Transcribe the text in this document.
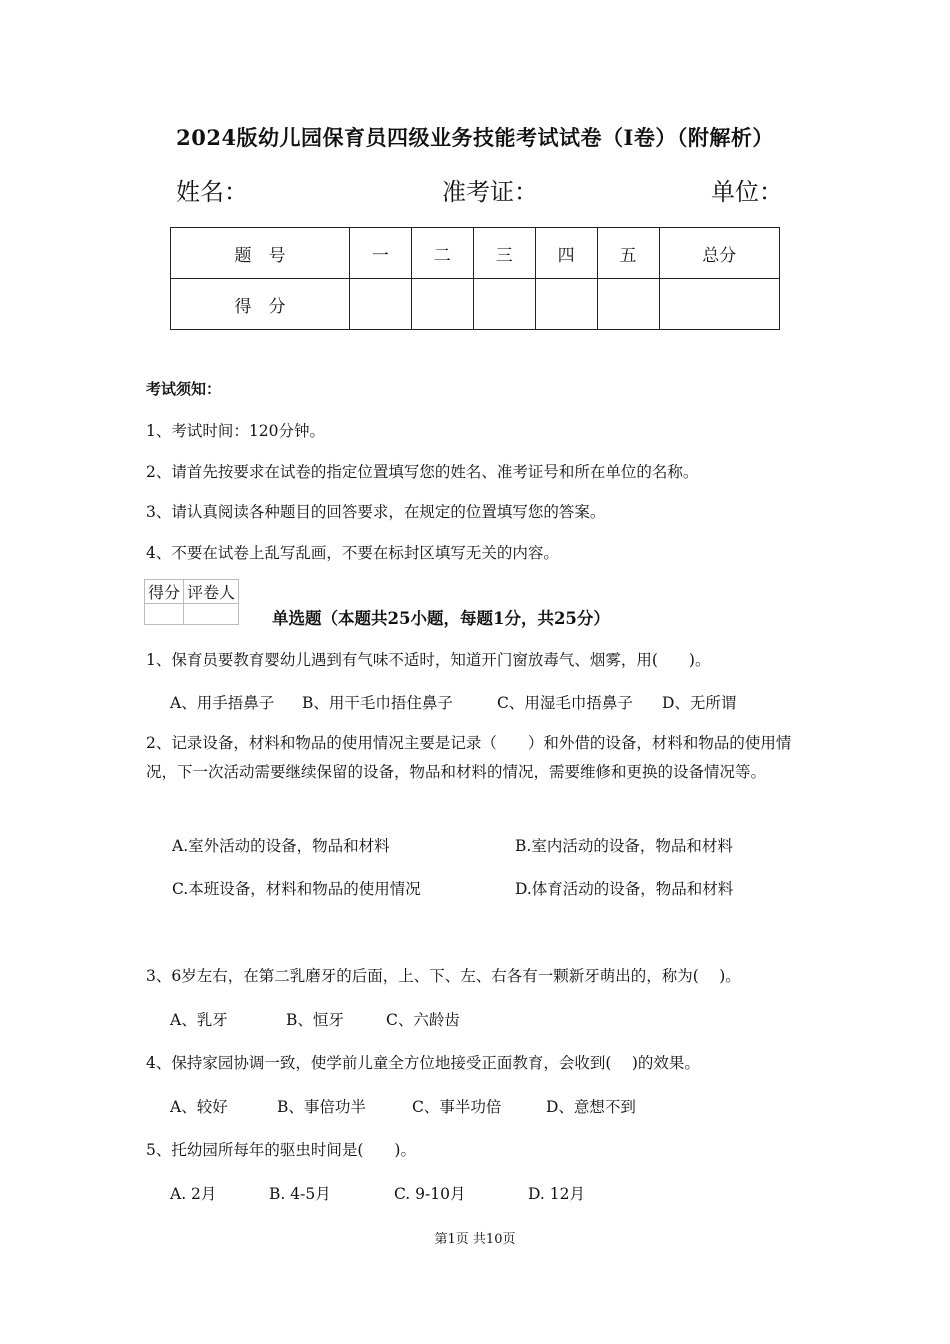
2024版幼儿园保育员四级业务技能考试试卷（I卷）（附解析）
姓名：	准考证：	单位：
题　号	一	二	三	四	五	总分
得　分						
考试须知：
1、考试时间：120分钟。
2、请首先按要求在试卷的指定位置填写您的姓名、准考证号和所在单位的名称。
3、请认真阅读各种题目的回答要求，在规定的位置填写您的答案。
4、不要在试卷上乱写乱画，不要在标封区填写无关的内容。
得分	评卷人

单选题（本题共25小题，每题1分，共25分）
1、保育员要教育婴幼儿遇到有气味不适时，知道开门窗放毒气、烟雾，用(　　)。
A、用手捂鼻子 B、用干毛巾捂住鼻子	C、用湿毛巾捂鼻子 D、无所谓
2、记录设备，材料和物品的使用情况主要是记录（　　）和外借的设备，材料和物品的使用情况，下一次活动需要继续保留的设备，物品和材料的情况，需要维修和更换的设备情况等。
A.室外活动的设备，物品和材料	B.室内活动的设备，物品和材料
C.本班设备，材料和物品的使用情况	D.体育活动的设备，物品和材料
3、6岁左右，在第二乳磨牙的后面，上、下、左、右各有一颗新牙萌出的，称为(　 )。
A、乳牙	B、恒牙	C、六龄齿
4、保持家园协调一致，使学前儿童全方位地接受正面教育，会收到(　 )的效果。
A、较好	B、事倍功半	C、事半功倍	D、意想不到
5、托幼园所每年的驱虫时间是(　　)。
A. 2月	B. 4-5月	C. 9-10月	D. 12月
第1页 共10页
